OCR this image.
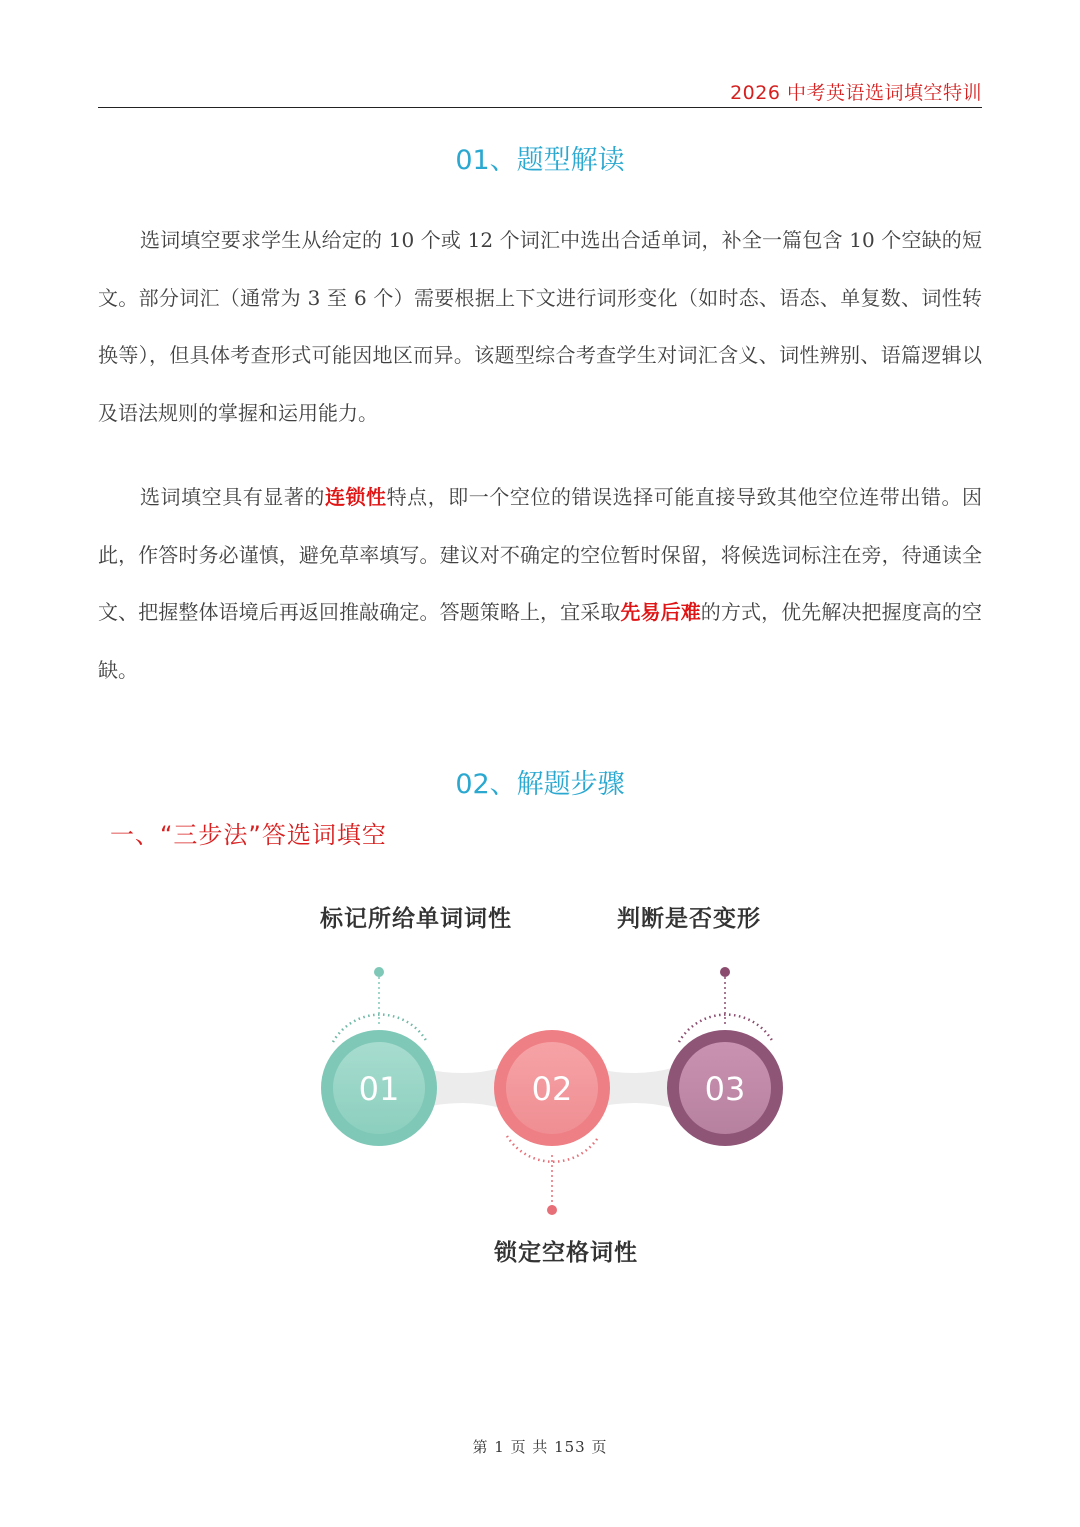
2026 中考英语选词填空特训
01、题型解读

选词填空要求学生从给定的 10 个或 12 个词汇中选出合适单词，补全一篇包含 10 个空缺的短文。部分词汇（通常为 3 至 6 个）需要根据上下文进行词形变化（如时态、语态、单复数、词性转换等），但具体考查形式可能因地区而异。该题型综合考查学生对词汇含义、词性辨别、语篇逻辑以及语法规则的掌握和运用能力。

选词填空具有显著的连锁性特点，即一个空位的错误选择可能直接导致其他空位连带出错。因此，作答时务必谨慎，避免草率填写。建议对不确定的空位暂时保留，将候选词标注在旁，待通读全文、把握整体语境后再返回推敲确定。答题策略上，宜采取先易后难的方式，优先解决把握度高的空缺。

02、解题步骤
一、“三步法”答选词填空
标记所给单词词性	判断是否变形
锁定空格词性
01	02	03
第 1 页 共 153 页
